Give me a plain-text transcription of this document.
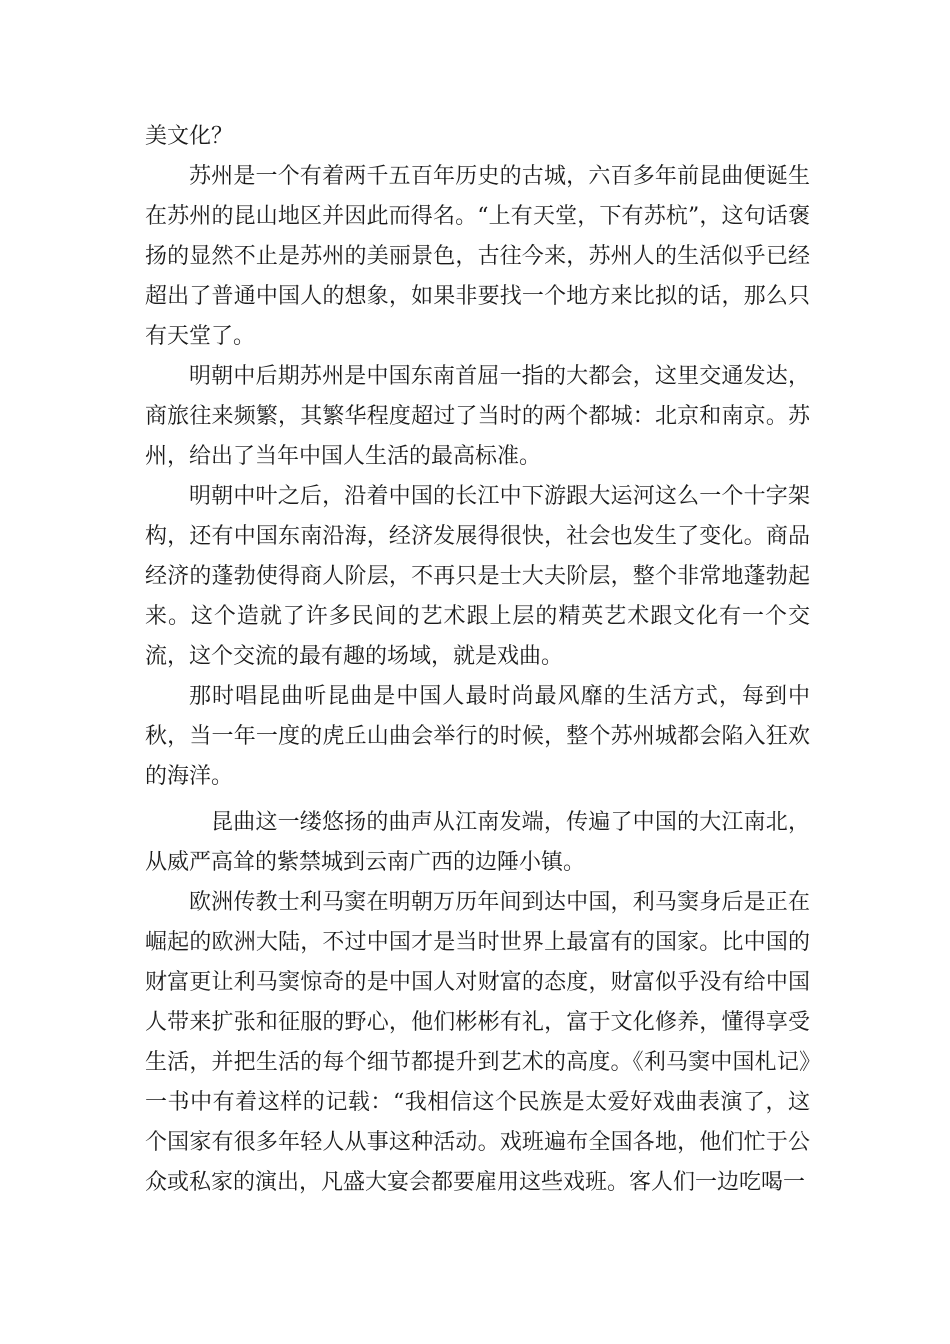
美文化？

苏州是一个有着两千五百年历史的古城，六百多年前昆曲便诞生在苏州的昆山地区并因此而得名。“上有天堂，下有苏杭”，这句话褒扬的显然不止是苏州的美丽景色，古往今来，苏州人的生活似乎已经超出了普通中国人的想象，如果非要找一个地方来比拟的话，那么只有天堂了。

明朝中后期苏州是中国东南首屈一指的大都会，这里交通发达，商旅往来频繁，其繁华程度超过了当时的两个都城：北京和南京。苏州，给出了当年中国人生活的最高标准。

明朝中叶之后，沿着中国的长江中下游跟大运河这么一个十字架构，还有中国东南沿海，经济发展得很快，社会也发生了变化。商品经济的蓬勃使得商人阶层，不再只是士大夫阶层，整个非常地蓬勃起来。这个造就了许多民间的艺术跟上层的精英艺术跟文化有一个交流，这个交流的最有趣的场域，就是戏曲。

那时唱昆曲听昆曲是中国人最时尚最风靡的生活方式，每到中秋，当一年一度的虎丘山曲会举行的时候，整个苏州城都会陷入狂欢的海洋。

昆曲这一缕悠扬的曲声从江南发端，传遍了中国的大江南北，从威严高耸的紫禁城到云南广西的边陲小镇。

欧洲传教士利马窦在明朝万历年间到达中国，利马窦身后是正在崛起的欧洲大陆，不过中国才是当时世界上最富有的国家。比中国的财富更让利马窦惊奇的是中国人对财富的态度，财富似乎没有给中国人带来扩张和征服的野心，他们彬彬有礼，富于文化修养，懂得享受生活，并把生活的每个细节都提升到艺术的高度。《利马窦中国札记》一书中有着这样的记载：“我相信这个民族是太爱好戏曲表演了，这个国家有很多年轻人从事这种活动。戏班遍布全国各地，他们忙于公众或私家的演出，凡盛大宴会都要雇用这些戏班。客人们一边吃喝一
